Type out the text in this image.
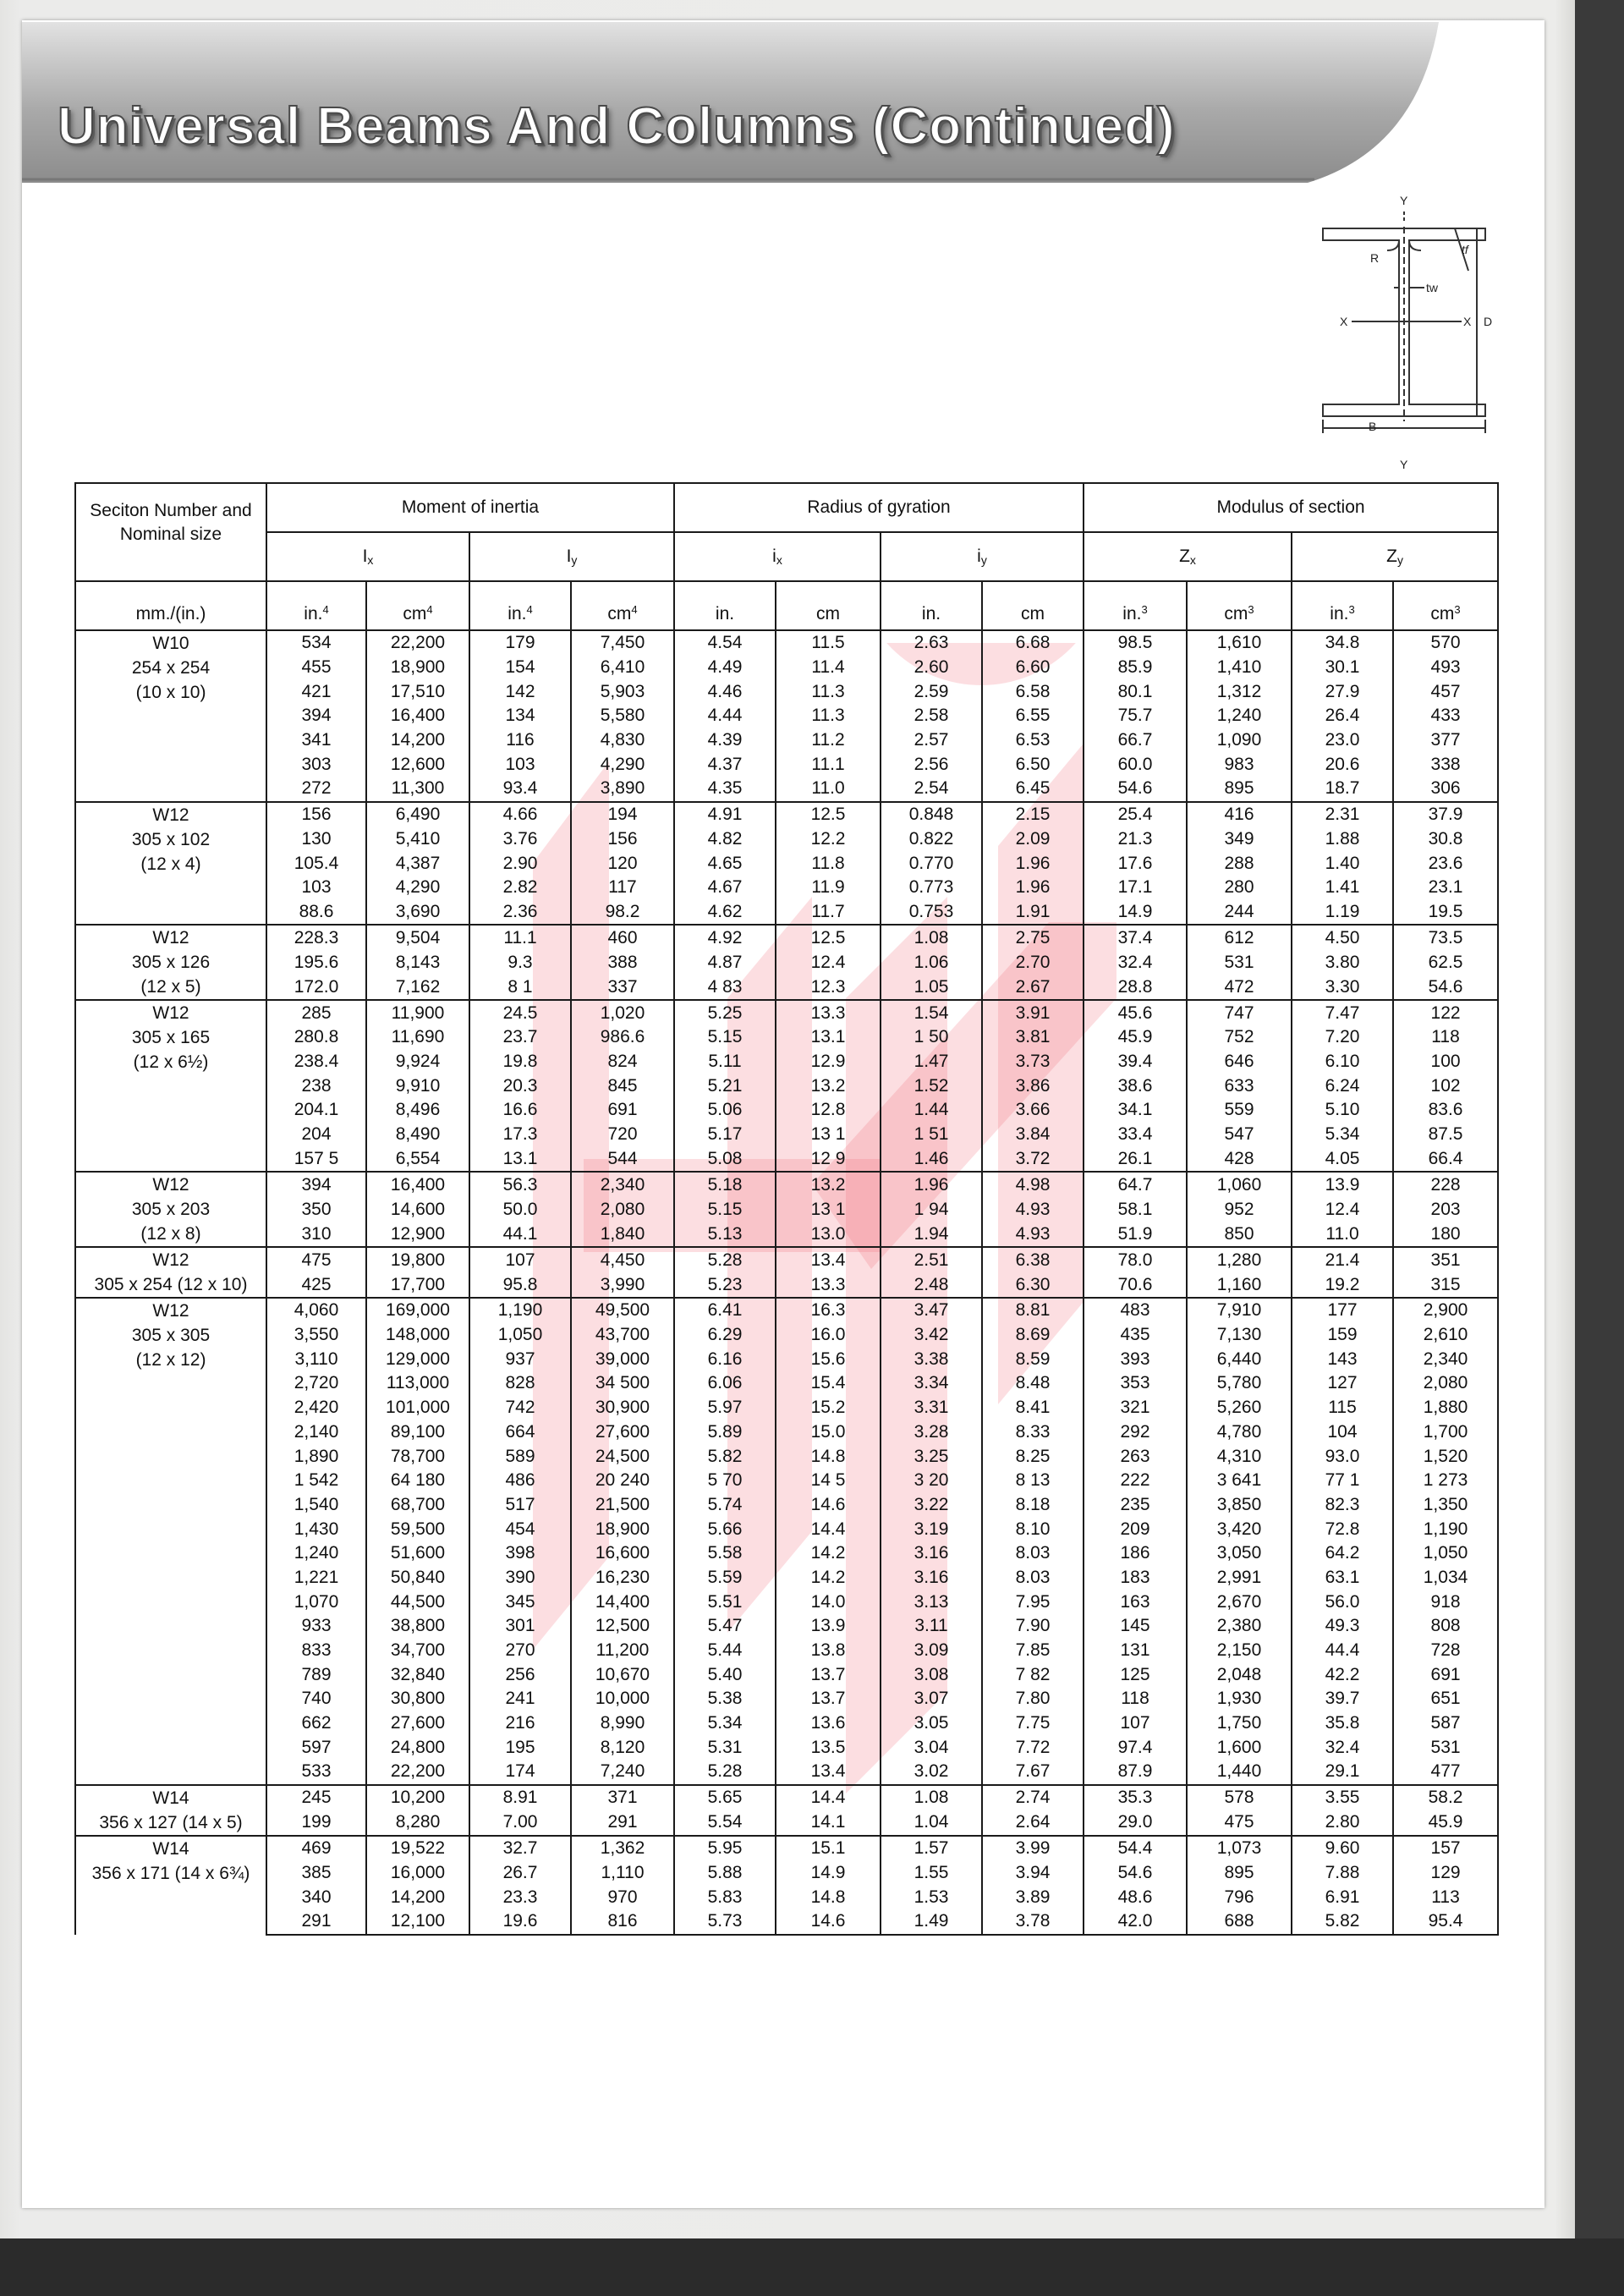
Universal Beams And Columns (Continued)
Y
Y
X	X
R
tf
tw
D
B
Seciton Number and Nominal size	Moment of inertia				Radius of gyration				Modulus of section			
	$I_x$		$I_y$		$i_x$		$i_y$		$Z_x$		$Z_y$
mm./(in.)	in.$^4$	$cm^4$	in.$^4$	$cm^4$	in.	cm	in.	cm	in.$^3$	$cm^3$	in.$^3$	$cm^3$

W10
254 x 254
(10 x 10)	534	22,200	179	7,450	4.54	11.5	2.63	6.68	98.5	1,610	34.8	570
	455	18,900	154	6,410	4.49	11.4	2.60	6.60	85.9	1,410	30.1	493
	421	17,510	142	5,903	4.46	11.3	2.59	6.58	80.1	1,312	27.9	457
	394	16,400	134	5,580	4.44	11.3	2.58	6.55	75.7	1,240	26.4	433
	341	14,200	116	4,830	4.39	11.2	2.57	6.53	66.7	1,090	23.0	377
	303	12,600	103	4,290	4.37	11.1	2.56	6.50	60.0	983	20.6	338
	272	11,300	93.4	3,890	4.35	11.0	2.54	6.45	54.6	895	18.7	306

W12
305 x 102
(12 x 4)	156	6,490	4.66	194	4.91	12.5	0.848	2.15	25.4	416	2.31	37.9
	130	5,410	3.76	156	4.82	12.2	0.822	2.09	21.3	349	1.88	30.8
	105.4	4,387	2.90	120	4.65	11.8	0.770	1.96	17.6	288	1.40	23.6
	103	4,290	2.82	117	4.67	11.9	0.773	1.96	17.1	280	1.41	23.1
	88.6	3,690	2.36	98.2	4.62	11.7	0.753	1.91	14.9	244	1.19	19.5

W12
305 x 126
(12 x 5)	228.3	9,504	11.1	460	4.92	12.5	1.08	2.75	37.4	612	4.50	73.5
	195.6	8,143	9.3	388	4.87	12.4	1.06	2.70	32.4	531	3.80	62.5
	172.0	7,162	8 1	337	4 83	12.3	1.05	2.67	28.8	472	3.30	54.6

W12
305 x 165
(12 x 6½)	285	11,900	24.5	1,020	5.25	13.3	1.54	3.91	45.6	747	7.47	122
	280.8	11,690	23.7	986.6	5.15	13.1	1 50	3.81	45.9	752	7.20	118
	238.4	9,924	19.8	824	5.11	12.9	1.47	3.73	39.4	646	6.10	100
	238	9,910	20.3	845	5.21	13.2	1.52	3.86	38.6	633	6.24	102
	204.1	8,496	16.6	691	5.06	12.8	1.44	3.66	34.1	559	5.10	83.6
	204	8,490	17.3	720	5.17	13 1	1 51	3.84	33.4	547	5.34	87.5
	157 5	6,554	13.1	544	5.08	12 9	1.46	3.72	26.1	428	4.05	66.4

W12
305 x 203
(12 x 8)	394	16,400	56.3	2,340	5.18	13.2	1.96	4.98	64.7	1,060	13.9	228
	350	14,600	50.0	2,080	5.15	13 1	1 94	4.93	58.1	952	12.4	203
	310	12,900	44.1	1,840	5.13	13.0	1.94	4.93	51.9	850	11.0	180

W12
305 x 254 (12 x 10)	475	19,800	107	4,450	5.28	13.4	2.51	6.38	78.0	1,280	21.4	351
	425	17,700	95.8	3,990	5.23	13.3	2.48	6.30	70.6	1,160	19.2	315

W12
305 x 305
(12 x 12)	4,060	169,000	1,190	49,500	6.41	16.3	3.47	8.81	483	7,910	177	2,900
	3,550	148,000	1,050	43,700	6.29	16.0	3.42	8.69	435	7,130	159	2,610
	3,110	129,000	937	39,000	6.16	15.6	3.38	8.59	393	6,440	143	2,340
	2,720	113,000	828	34 500	6.06	15.4	3.34	8.48	353	5,780	127	2,080
	2,420	101,000	742	30,900	5.97	15.2	3.31	8.41	321	5,260	115	1,880
	2,140	89,100	664	27,600	5.89	15.0	3.28	8.33	292	4,780	104	1,700
	1,890	78,700	589	24,500	5.82	14.8	3.25	8.25	263	4,310	93.0	1,520
	1 542	64 180	486	20 240	5 70	14 5	3 20	8 13	222	3 641	77 1	1 273
	1,540	68,700	517	21,500	5.74	14.6	3.22	8.18	235	3,850	82.3	1,350
	1,430	59,500	454	18,900	5.66	14.4	3.19	8.10	209	3,420	72.8	1,190
	1,240	51,600	398	16,600	5.58	14.2	3.16	8.03	186	3,050	64.2	1,050
	1,221	50,840	390	16,230	5.59	14.2	3.16	8.03	183	2,991	63.1	1,034
	1,070	44,500	345	14,400	5.51	14.0	3.13	7.95	163	2,670	56.0	918
	933	38,800	301	12,500	5.47	13.9	3.11	7.90	145	2,380	49.3	808
	833	34,700	270	11,200	5.44	13.8	3.09	7.85	131	2,150	44.4	728
	789	32,840	256	10,670	5.40	13.7	3.08	7 82	125	2,048	42.2	691
	740	30,800	241	10,000	5.38	13.7	3.07	7.80	118	1,930	39.7	651
	662	27,600	216	8,990	5.34	13.6	3.05	7.75	107	1,750	35.8	587
	597	24,800	195	8,120	5.31	13.5	3.04	7.72	97.4	1,600	32.4	531
	533	22,200	174	7,240	5.28	13.4	3.02	7.67	87.9	1,440	29.1	477

W14
356 x 127 (14 x 5)	245	10,200	8.91	371	5.65	14.4	1.08	2.74	35.3	578	3.55	58.2
	199	8,280	7.00	291	5.54	14.1	1.04	2.64	29.0	475	2.80	45.9

W14
356 x 171 (14 x 6¾)	469	19,522	32.7	1,362	5.95	15.1	1.57	3.99	54.4	1,073	9.60	157
	385	16,000	26.7	1,110	5.88	14.9	1.55	3.94	54.6	895	7.88	129
	340	14,200	23.3	970	5.83	14.8	1.53	3.89	48.6	796	6.91	113
	291	12,100	19.6	816	5.73	14.6	1.49	3.78	42.0	688	5.82	95.4
